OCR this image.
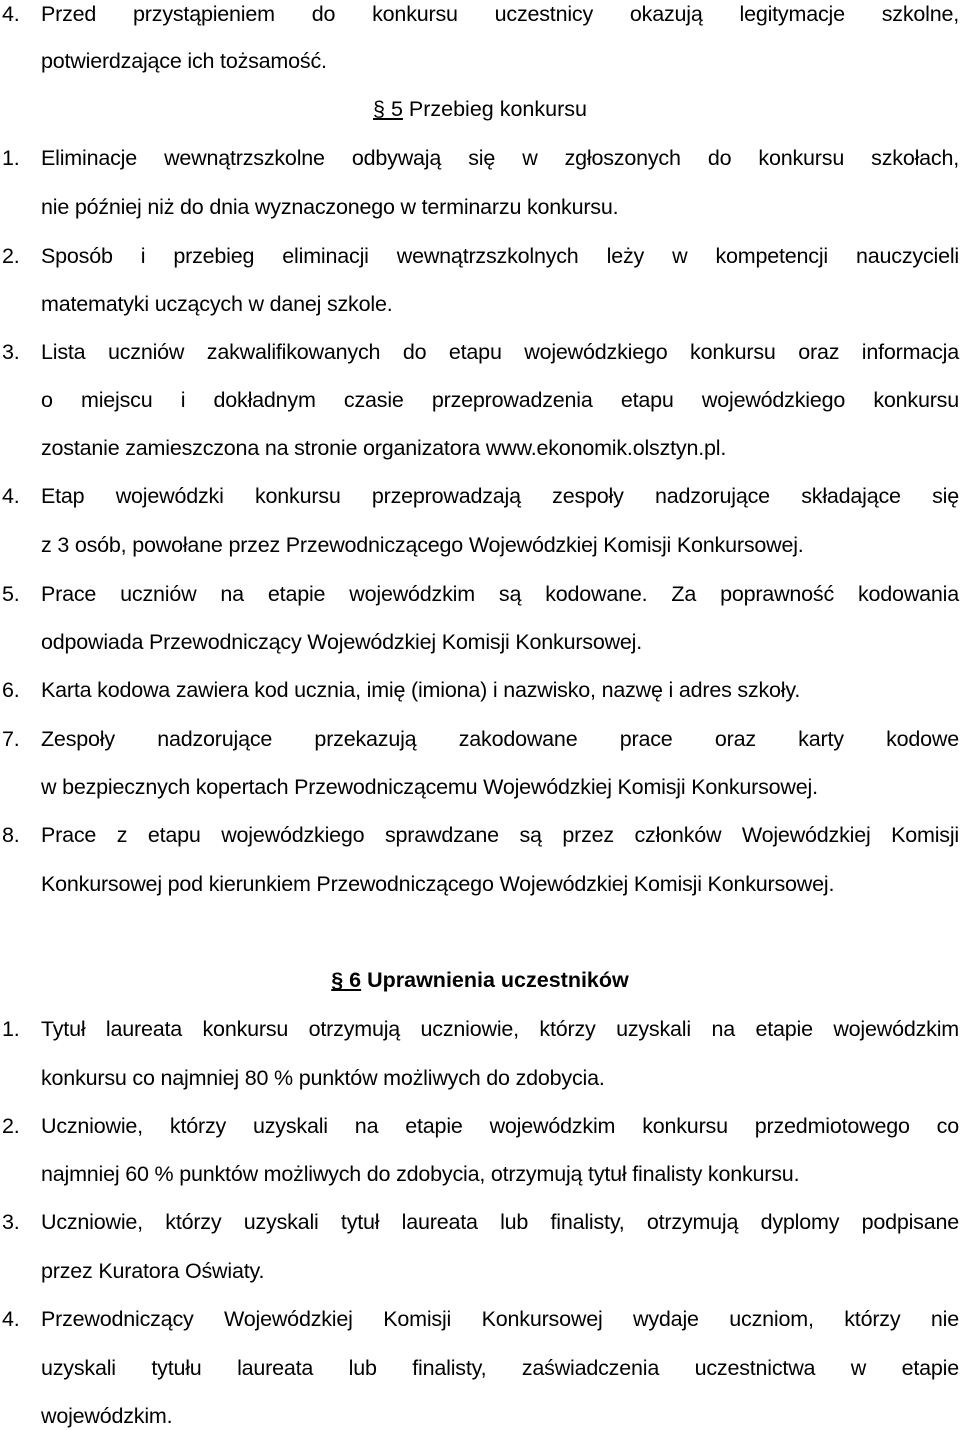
4. Przed przystąpieniem do konkursu uczestnicy okazują legitymacje szkolne,
potwierdzające ich tożsamość.
§ 5 Przebieg konkursu
1. Eliminacje wewnątrzszkolne odbywają się w zgłoszonych do konkursu szkołach,
nie później niż do dnia wyznaczonego w terminarzu konkursu.
2. Sposób i przebieg eliminacji wewnątrzszkolnych leży w kompetencji nauczycieli
matematyki uczących w danej szkole.
3. Lista uczniów zakwalifikowanych do etapu wojewódzkiego konkursu oraz informacja
o miejscu i dokładnym czasie przeprowadzenia etapu wojewódzkiego konkursu
zostanie zamieszczona na stronie organizatora www.ekonomik.olsztyn.pl.
4. Etap wojewódzki konkursu przeprowadzają zespoły nadzorujące składające się
z 3 osób, powołane przez Przewodniczącego Wojewódzkiej Komisji Konkursowej.
5. Prace uczniów na etapie wojewódzkim są kodowane. Za poprawność kodowania
odpowiada Przewodniczący Wojewódzkiej Komisji Konkursowej.
6. Karta kodowa zawiera kod ucznia, imię (imiona) i nazwisko, nazwę i adres szkoły.
7. Zespoły nadzorujące przekazują zakodowane prace oraz karty kodowe
w bezpiecznych kopertach Przewodniczącemu Wojewódzkiej Komisji Konkursowej.
8. Prace z etapu wojewódzkiego sprawdzane są przez członków Wojewódzkiej Komisji
Konkursowej pod kierunkiem Przewodniczącego Wojewódzkiej Komisji Konkursowej.
§ 6 Uprawnienia uczestników
1. Tytuł laureata konkursu otrzymują uczniowie, którzy uzyskali na etapie wojewódzkim
konkursu co najmniej 80 % punktów możliwych do zdobycia.
2. Uczniowie, którzy uzyskali na etapie wojewódzkim konkursu przedmiotowego co
najmniej 60 % punktów możliwych do zdobycia, otrzymują tytuł finalisty konkursu.
3. Uczniowie, którzy uzyskali tytuł laureata lub finalisty, otrzymują dyplomy podpisane
przez Kuratora Oświaty.
4. Przewodniczący Wojewódzkiej Komisji Konkursowej wydaje uczniom, którzy nie
uzyskali tytułu laureata lub finalisty, zaświadczenia uczestnictwa w etapie
wojewódzkim.
